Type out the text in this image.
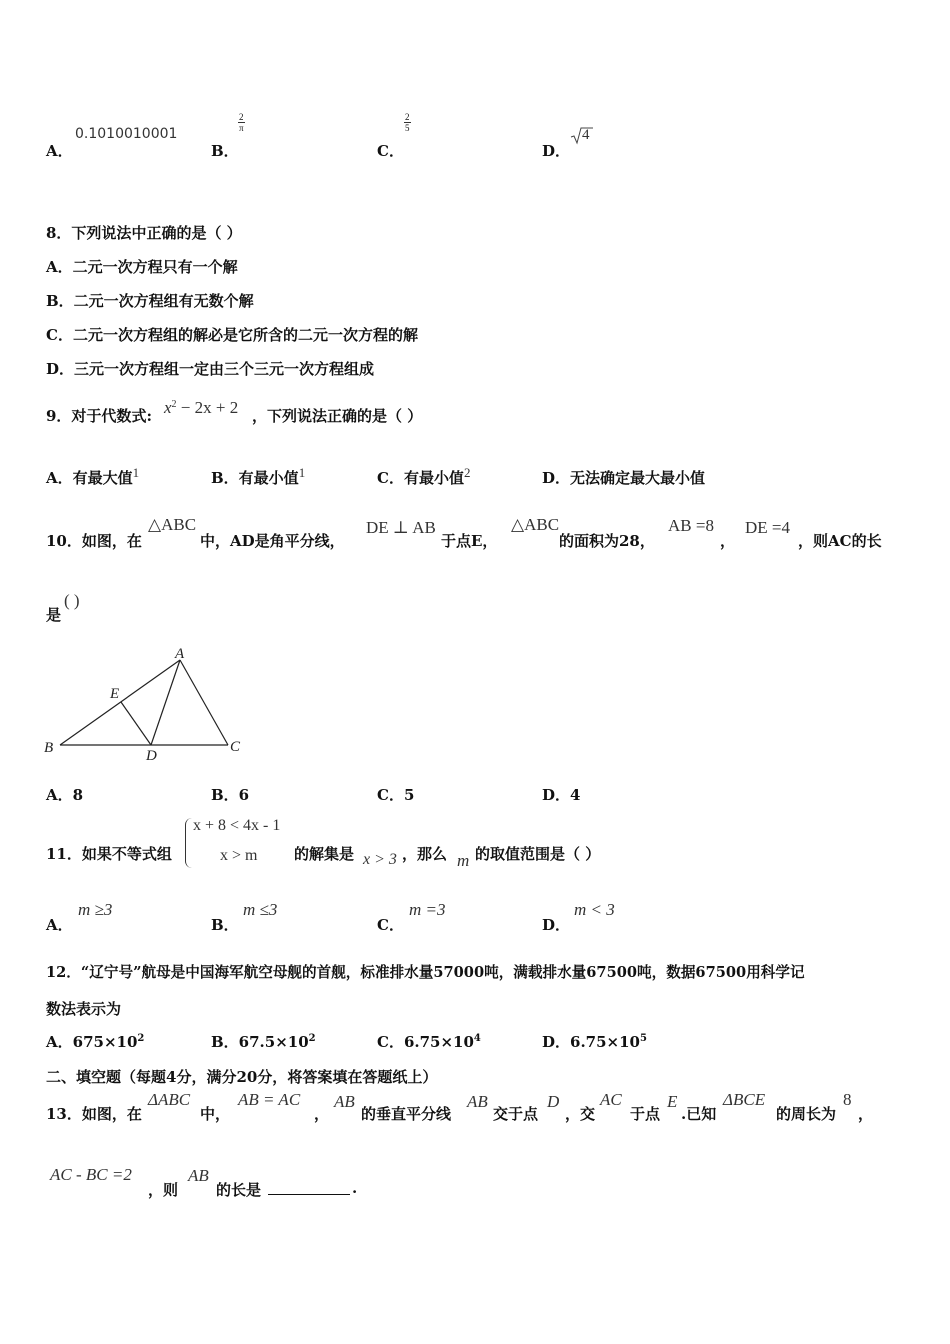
A．
0.1010010001
B．
$\frac{2}{\pi}$
C．
$\frac{2}{5}$
D．
4
8．下列说法中正确的是（ ）
A．二元一次方程只有一个解
B．二元一次方程组有无数个解
C．二元一次方程组的解必是它所含的二元一次方程的解
D．三元一次方程组一定由三个三元一次方程组成
9．对于代数式: $x^2 - 2x + 2$ ，下列说法正确的是（ ）
A．有最大值$^1$	B．有最小值$^1$	C．有最小值$^2$	D．无法确定最大最小值
10．如图，在
△ABC
中，AD是角平分线，
DE ⊥ AB
于点E，
△ABC
的面积为28，
AB =8
，
DE =4
，则AC的长
是
( )
A
E
B	D
C
A．8	B．6	C．5	D．4
11．如果不等式组
x + 8 < 4x - 1
x > m 的解集是 x > 3 ，那么 m 的取值范围是（ ）
A．
m ≥3
B．
m ≤3
C．
m =3
D．
m < 3
12．“辽宁号”航母是中国海军航空母舰的首舰，标准排水量57000吨，满载排水量67500吨，数据67500用科学记
数法表示为
A．$675\times 10^2$	B．$67.5\times 10^2$	C．$6.75\times 10^4$	D．$6.75\times 10^5$
二、填空题（每题4分，满分20分，将答案填在答题纸上）
13．如图，在
ΔABC
中，
AB = AC
，
AB
的垂直平分线
AB
交于点
D
，交
AC
于点
E
.已知
ΔBCE
的周长为
8
，
AC - BC =2
，则
AB
的长是	.
